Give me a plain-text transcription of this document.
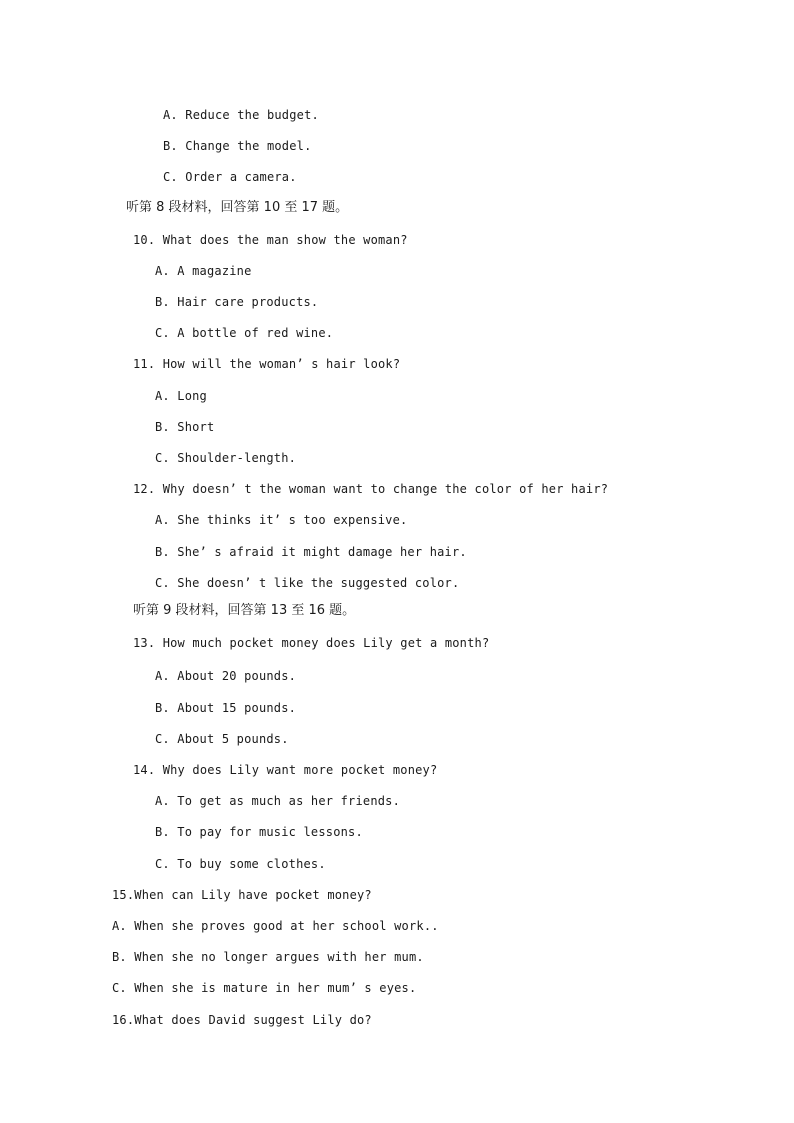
A. Reduce the budget.
B. Change the model.
C. Order a camera.
听第 8 段材料，回答第 10 至 17 题。
10. What does the man show the woman?
A. A magazine
B. Hair care products.
C. A bottle of red wine.
11. How will the woman’ s hair look?
A. Long
B. Short
C. Shoulder-length.
12. Why doesn’ t the woman want to change the color of her hair?
A. She thinks it’ s too expensive.
B. She’ s afraid it might damage her hair.
C. She doesn’ t like the suggested color.
听第 9 段材料，回答第 13 至 16 题。
13. How much pocket money does Lily get a month?
A. About 20 pounds.
B. About 15 pounds.
C. About 5 pounds.
14. Why does Lily want more pocket money?
A. To get as much as her friends.
B. To pay for music lessons.
C. To buy some clothes.
15.When can Lily have pocket money?
A. When she proves good at her school work..
B. When she no longer argues with her mum.
C. When she is mature in her mum’ s eyes.
16.What does David suggest Lily do?
